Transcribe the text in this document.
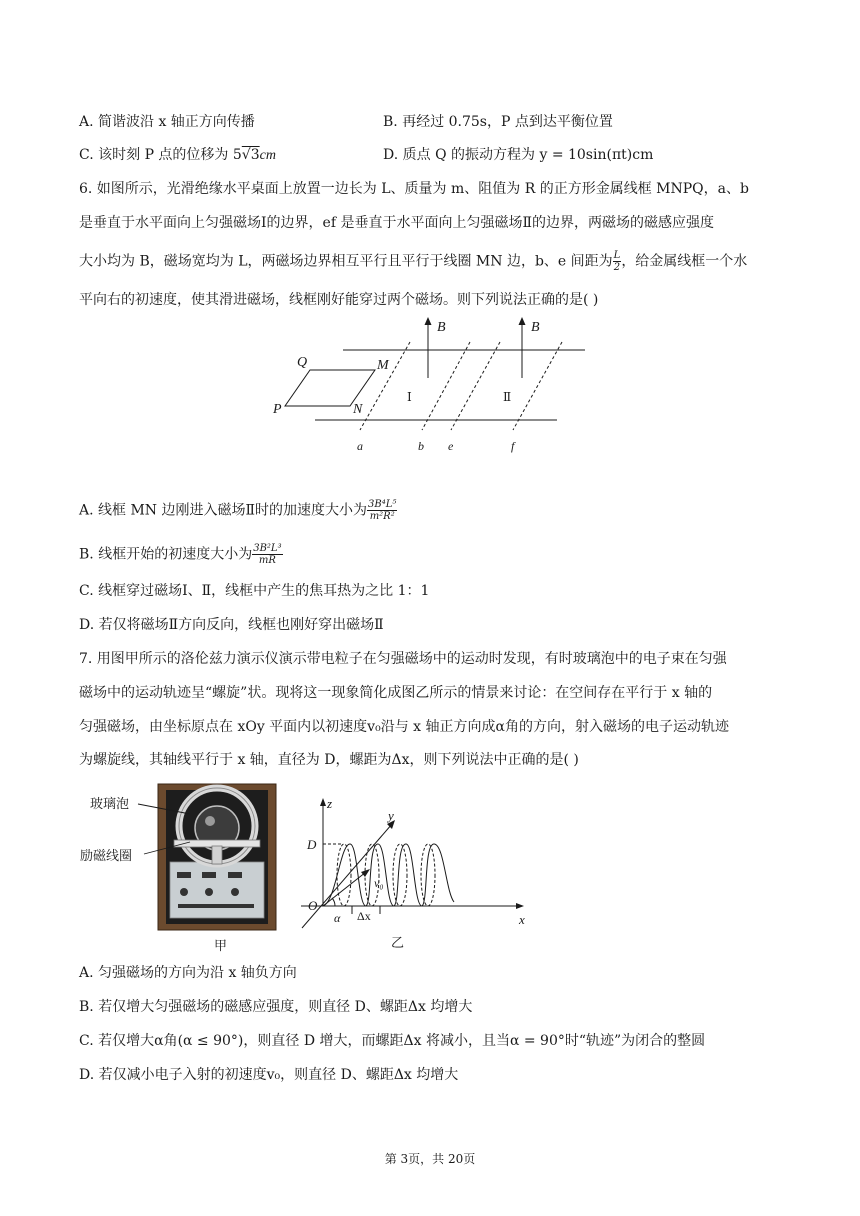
A. 简谐波沿 x 轴正方向传播	B. 再经过 0.75s，P 点到达平衡位置
C. 该时刻 P 点的位移为 5√3cm	D. 质点 Q 的振动方程为 y = 10sin(πt)cm
6. 如图所示，光滑绝缘水平桌面上放置一边长为 L、质量为 m、阻值为 R 的正方形金属线框 MNPQ，a、b
是垂直于水平面向上匀强磁场Ⅰ的边界，ef 是垂直于水平面向上匀强磁场Ⅱ的边界，两磁场的磁感应强度
大小均为 B，磁场宽均为 L，两磁场边界相互平行且平行于线圈 MN 边，b、e 间距为 $\frac{L}{2}$ ，给金属线框一个水
平向右的初速度，使其滑进磁场，线框刚好能穿过两个磁场。则下列说法正确的是( )
Q	M
P	N
B	B
a	b e	f
Ⅰ	Ⅱ
A. 线框 MN 边刚进入磁场Ⅱ时的加速度大小为 $\frac{\text{3B⁴L⁵}}{\text{m²R²}}$
B. 线框开始的初速度大小为 $\frac{\text{3B²L³}}{mR}$
C. 线框穿过磁场Ⅰ、Ⅱ，线框中产生的焦耳热为之比 1：1
D. 若仅将磁场Ⅱ方向反向，线框也刚好穿出磁场Ⅱ
7. 用图甲所示的洛伦兹力演示仪演示带电粒子在匀强磁场中的运动时发现，有时玻璃泡中的电子束在匀强
磁场中的运动轨迹呈“螺旋”状。现将这一现象简化成图乙所示的情景来讨论：在空间存在平行于 x 轴的
匀强磁场，由坐标原点在 xOy 平面内以初速度v₀沿与 x 轴正方向成α角的方向，射入磁场的电子运动轨迹
为螺旋线，其轴线平行于 x 轴，直径为 D，螺距为Δx，则下列说法中正确的是( )
玻璃泡
励磁线圈
甲
z
y
x
D
O
v₀
α Δx
乙
A. 匀强磁场的方向为沿 x 轴负方向
B. 若仅增大匀强磁场的磁感应强度，则直径 D、螺距Δx 均增大
C. 若仅增大α角(α ≤ 90°)，则直径 D 增大，而螺距Δx 将减小，且当α = 90°时“轨迹”为闭合的整圆
D. 若仅减小电子入射的初速度v₀，则直径 D、螺距Δx 均增大
第 3页，共 20页
